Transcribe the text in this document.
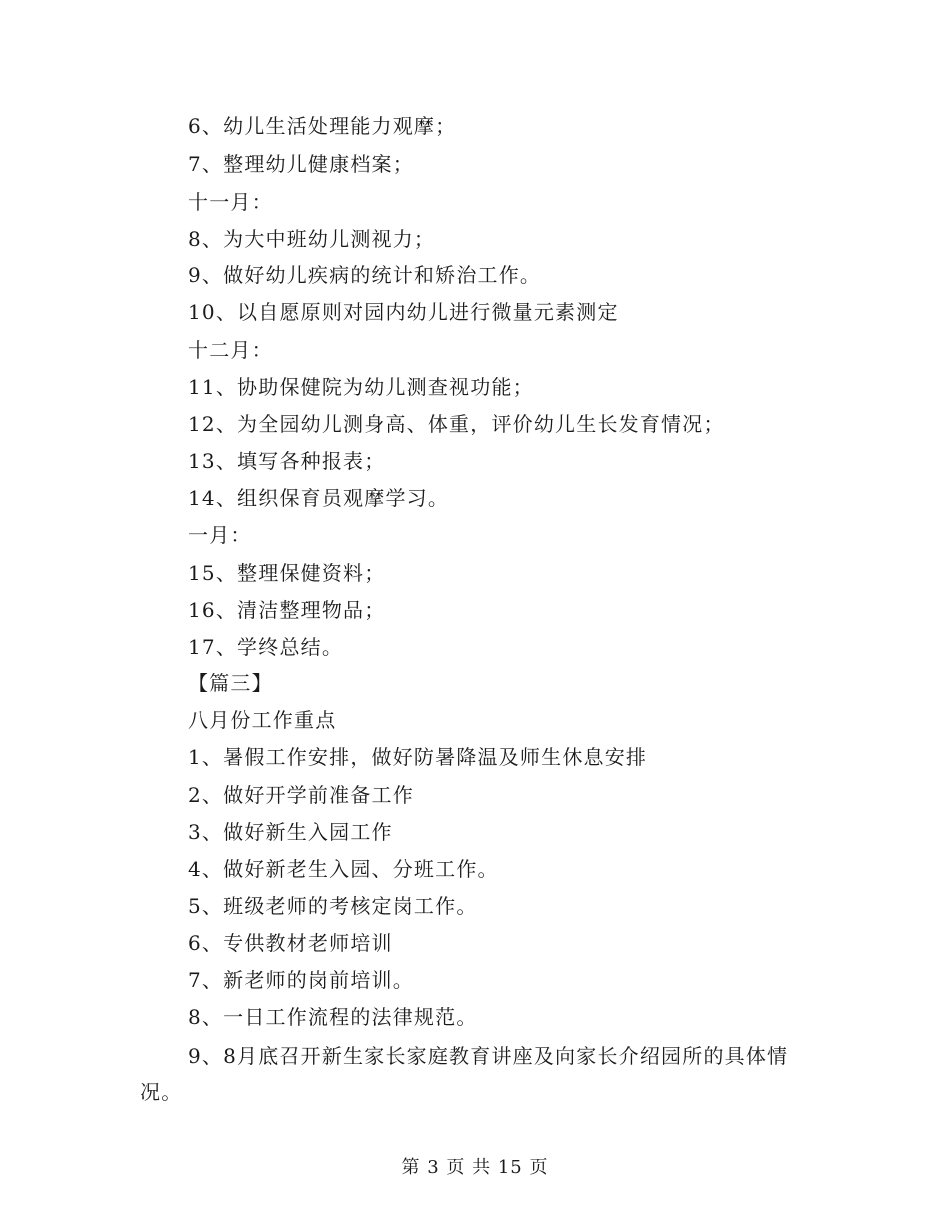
6、幼儿生活处理能力观摩；
7、整理幼儿健康档案；
十一月：
8、为大中班幼儿测视力；
9、做好幼儿疾病的统计和矫治工作。
10、以自愿原则对园内幼儿进行微量元素测定
十二月：
11、协助保健院为幼儿测查视功能；
12、为全园幼儿测身高、体重，评价幼儿生长发育情况；
13、填写各种报表；
14、组织保育员观摩学习。
一月：
15、整理保健资料；
16、清洁整理物品；
17、学终总结。
【篇三】
八月份工作重点
1、暑假工作安排，做好防暑降温及师生休息安排
2、做好开学前准备工作
3、做好新生入园工作
4、做好新老生入园、分班工作。
5、班级老师的考核定岗工作。
6、专供教材老师培训
7、新老师的岗前培训。
8、一日工作流程的法律规范。
9、8月底召开新生家长家庭教育讲座及向家长介绍园所的具体情
况。
第 3 页 共 15 页
